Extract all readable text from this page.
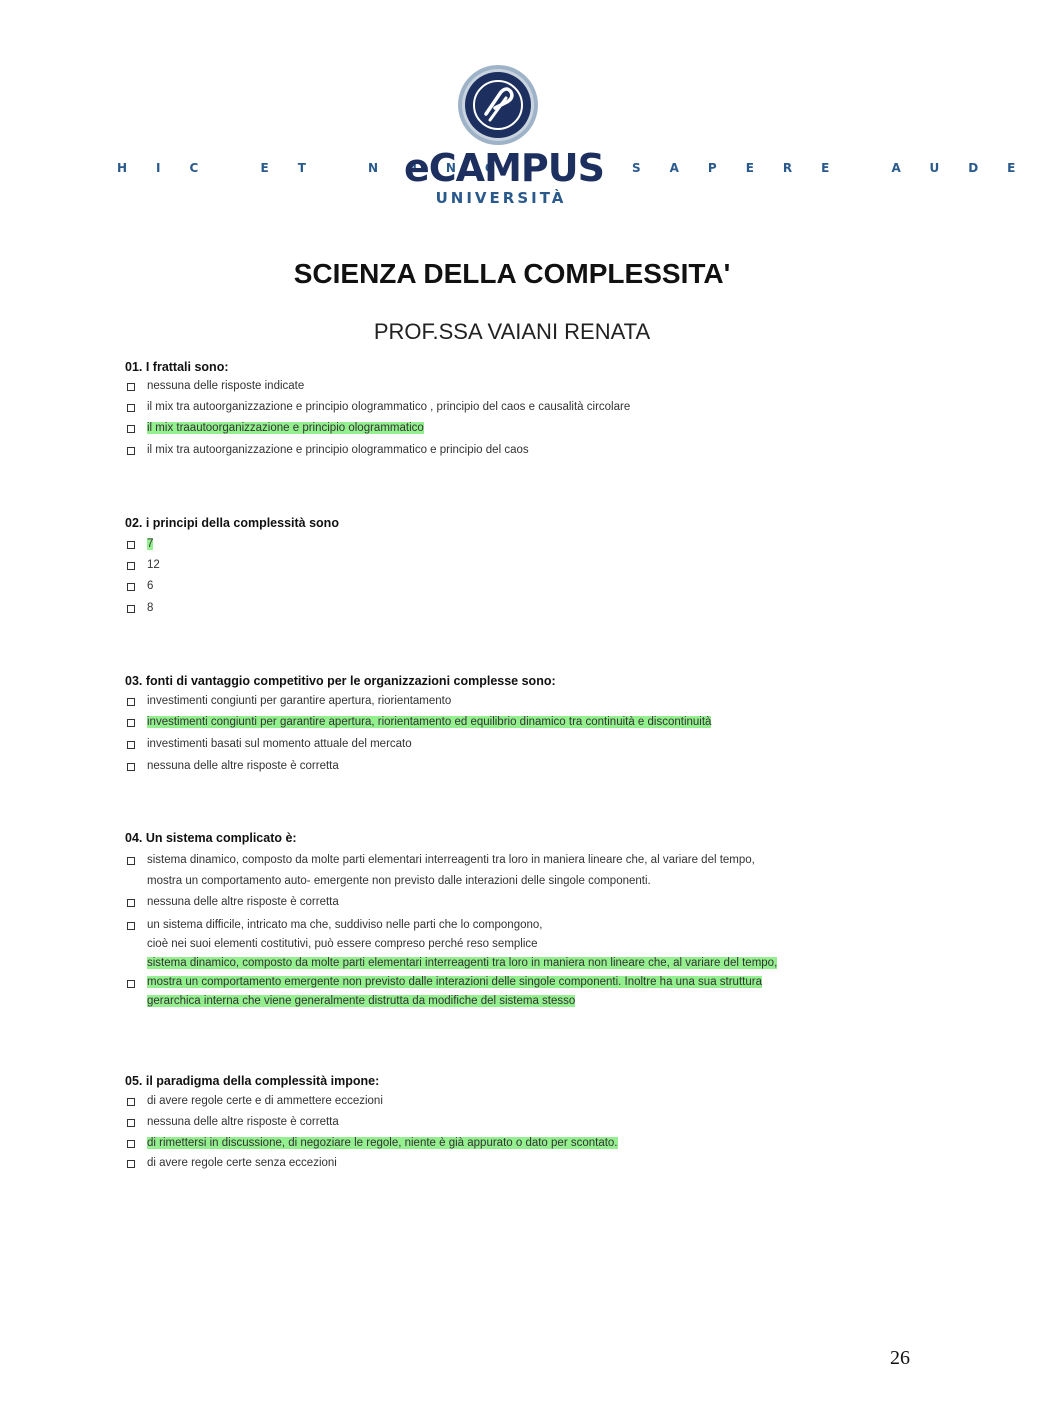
HIC ET NUNC	SAPERE AUDE
eCAMPUS
UNIVERSITÀ
SCIENZA DELLA COMPLESSITA'
PROF.SSA VAIANI RENATA
01. I frattali sono:
nessuna delle risposte indicate
il mix tra autoorganizzazione e principio ologrammatico , principio del caos e causalità circolare
il mix traautoorganizzazione e principio ologrammatico
il mix tra autoorganizzazione e principio ologrammatico e principio del caos
02. i principi della complessità sono
7
12
6
8
03. fonti di vantaggio competitivo per le organizzazioni complesse sono:
investimenti congiunti per garantire apertura, riorientamento
investimenti congiunti per garantire apertura, riorientamento ed equilibrio dinamico tra continuità e discontinuità
investimenti basati sul momento attuale del mercato
nessuna delle altre risposte è corretta
04. Un sistema complicato è:
sistema dinamico, composto da molte parti elementari interreagenti tra loro in maniera lineare che, al variare del tempo,
mostra un comportamento auto- emergente non previsto dalle interazioni delle singole componenti.
nessuna delle altre risposte è corretta
un sistema difficile, intricato ma che, suddiviso nelle parti che lo compongono,
cioè nei suoi elementi costitutivi, può essere compreso perché reso semplice
sistema dinamico, composto da molte parti elementari interreagenti tra loro in maniera non lineare che, al variare del tempo,
mostra un comportamento emergente non previsto dalle interazioni delle singole componenti. Inoltre ha una sua struttura
gerarchica interna che viene generalmente distrutta da modifiche del sistema stesso
05. il paradigma della complessità impone:
di avere regole certe e di ammettere eccezioni
nessuna delle altre risposte è corretta
di rimettersi in discussione, di negoziare le regole, niente è già appurato o dato per scontato.
di avere regole certe senza eccezioni
26
